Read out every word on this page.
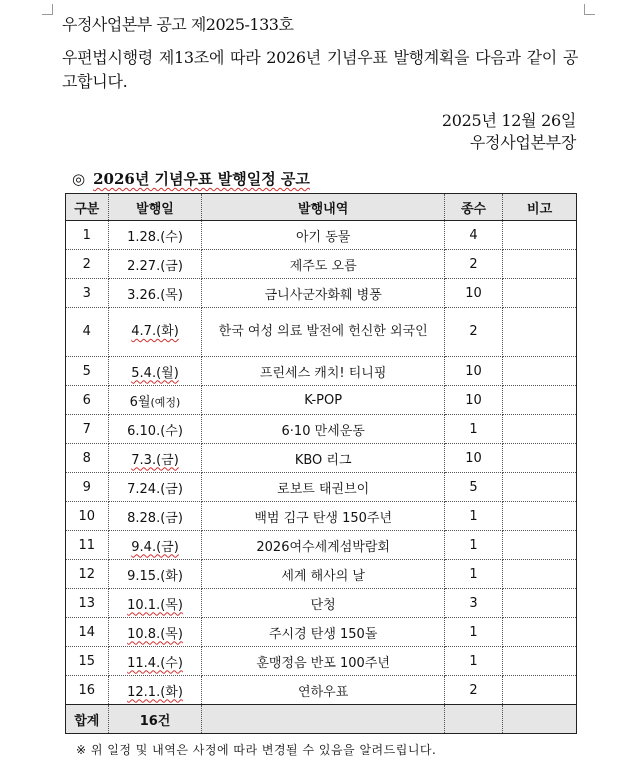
우정사업본부 공고 제2025-133호
우편법시행령 제13조에 따라 2026년 기념우표 발행계획을 다음과 같이 공고합니다.
2025년 12월 26일
우정사업본부장
◎ 2026년 기념우표 발행일정 공고
구분	발행일	발행내역	종수	비고
1	1.28.(수)	아기 동물	4	
2	2.27.(금)	제주도 오름	2	
3	3.26.(목)	금니사군자화훼 병풍	10	
4	4.7.(화)	한국 여성 의료 발전에 헌신한 외국인	2	
5	5.4.(월)	프린세스 캐치! 티니핑	10	
6	6월(예정)	K-POP	10	
7	6.10.(수)	6·10 만세운동	1	
8	7.3.(금)	KBO 리그	10	
9	7.24.(금)	로보트 태권브이	5	
10	8.28.(금)	백범 김구 탄생 150주년	1	
11	9.4.(금)	2026여수세계섬박람회	1	
12	9.15.(화)	세계 해사의 날	1	
13	10.1.(목)	단청	3	
14	10.8.(목)	주시경 탄생 150돌	1	
15	11.4.(수)	훈맹정음 반포 100주년	1	
16	12.1.(화)	연하우표	2	
합계	16건			
※ 위 일정 및 내역은 사정에 따라 변경될 수 있음을 알려드립니다.
